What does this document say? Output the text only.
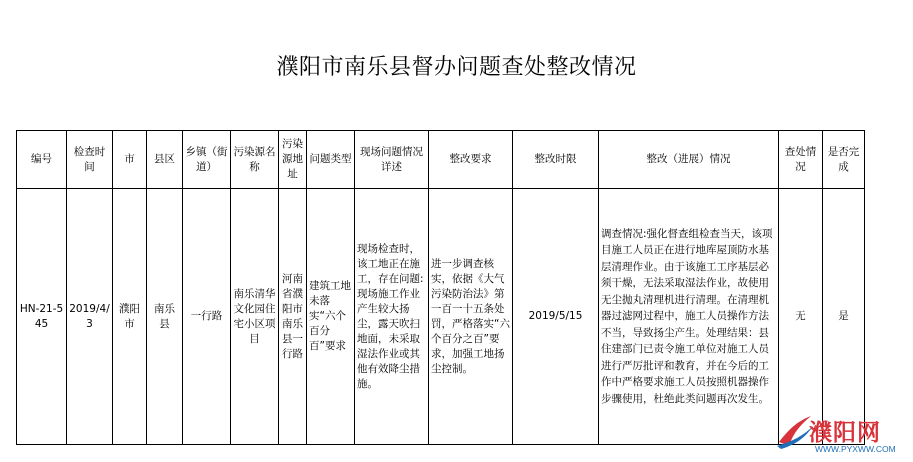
濮阳市南乐县督办问题查处整改情况
编号	检查时间	市	县区	乡镇（街道）	污染源名称	污染源地址	问题类型	现场问题情况详述	整改要求	整改时限	整改（进展）情况	查处情况	是否完成
HN-21-545	2019/4/3	濮阳市	南乐县	一行路	南乐清华文化园住宅小区项目	河南省濮阳市南乐县一行路	建筑工地未落实“六个百分百”要求	现场检查时，该工地正在施工，存在问题:现场施工作业产生较大扬尘，露天吹扫地面，未采取湿法作业或其他有效降尘措施。	进一步调查核实，依据《大气污染防治法》第一百一十五条处罚，严格落实“六个百分之百”要求，加强工地扬尘控制。	2019/5/15	调查情况:强化督查组检查当天，该项目施工人员正在进行地库屋顶防水基层清理作业。由于该施工工序基层必须干燥，无法采取湿法作业，故使用无尘抛丸清理机进行清理。在清理机器过滤网过程中，施工人员操作方法不当，导致扬尘产生。处理结果：县住建部门已责令施工单位对施工人员进行严厉批评和教育，并在今后的工作中严格要求施工人员按照机器操作步骤使用，杜绝此类问题再次发生。	无	是
濮阳网
WWW.PYXWW.COM
